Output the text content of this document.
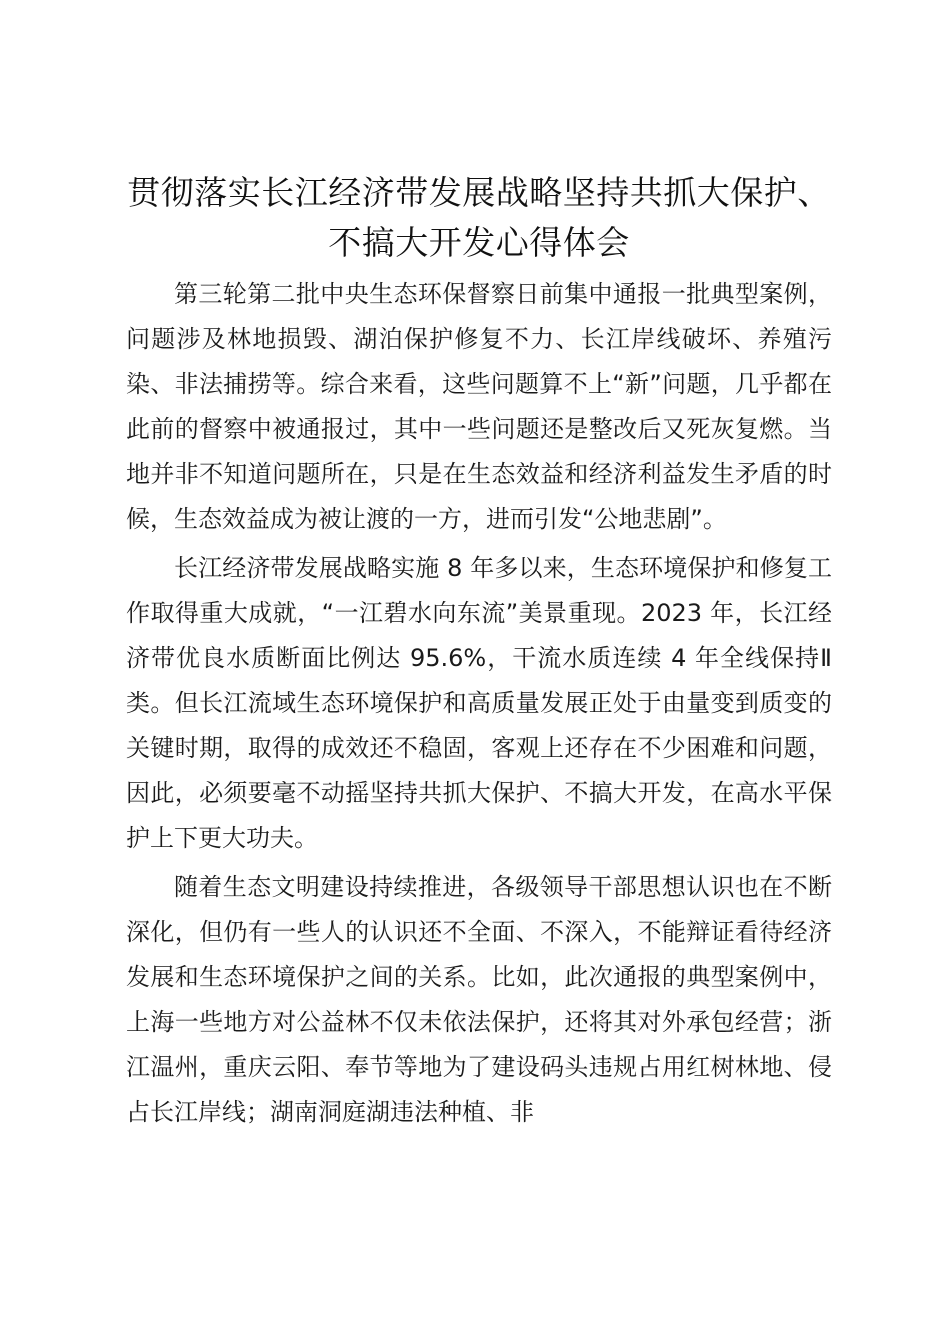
贯彻落实长江经济带发展战略坚持共抓大保护、不搞大开发心得体会

第三轮第二批中央生态环保督察日前集中通报一批典型案例，问题涉及林地损毁、湖泊保护修复不力、长江岸线破坏、养殖污染、非法捕捞等。综合来看，这些问题算不上“新”问题，几乎都在此前的督察中被通报过，其中一些问题还是整改后又死灰复燃。当地并非不知道问题所在，只是在生态效益和经济利益发生矛盾的时候，生态效益成为被让渡的一方，进而引发“公地悲剧”。

长江经济带发展战略实施 8 年多以来，生态环境保护和修复工作取得重大成就，“一江碧水向东流”美景重现。2023 年，长江经济带优良水质断面比例达 95.6%，干流水质连续 4 年全线保持Ⅱ类。但长江流域生态环境保护和高质量发展正处于由量变到质变的关键时期，取得的成效还不稳固，客观上还存在不少困难和问题，因此，必须要毫不动摇坚持共抓大保护、不搞大开发，在高水平保护上下更大功夫。

随着生态文明建设持续推进，各级领导干部思想认识也在不断深化，但仍有一些人的认识还不全面、不深入，不能辩证看待经济发展和生态环境保护之间的关系。比如，此次通报的典型案例中，上海一些地方对公益林不仅未依法保护，还将其对外承包经营；浙江温州，重庆云阳、奉节等地为了建设码头违规占用红树林地、侵占长江岸线；湖南洞庭湖违法种植、非
